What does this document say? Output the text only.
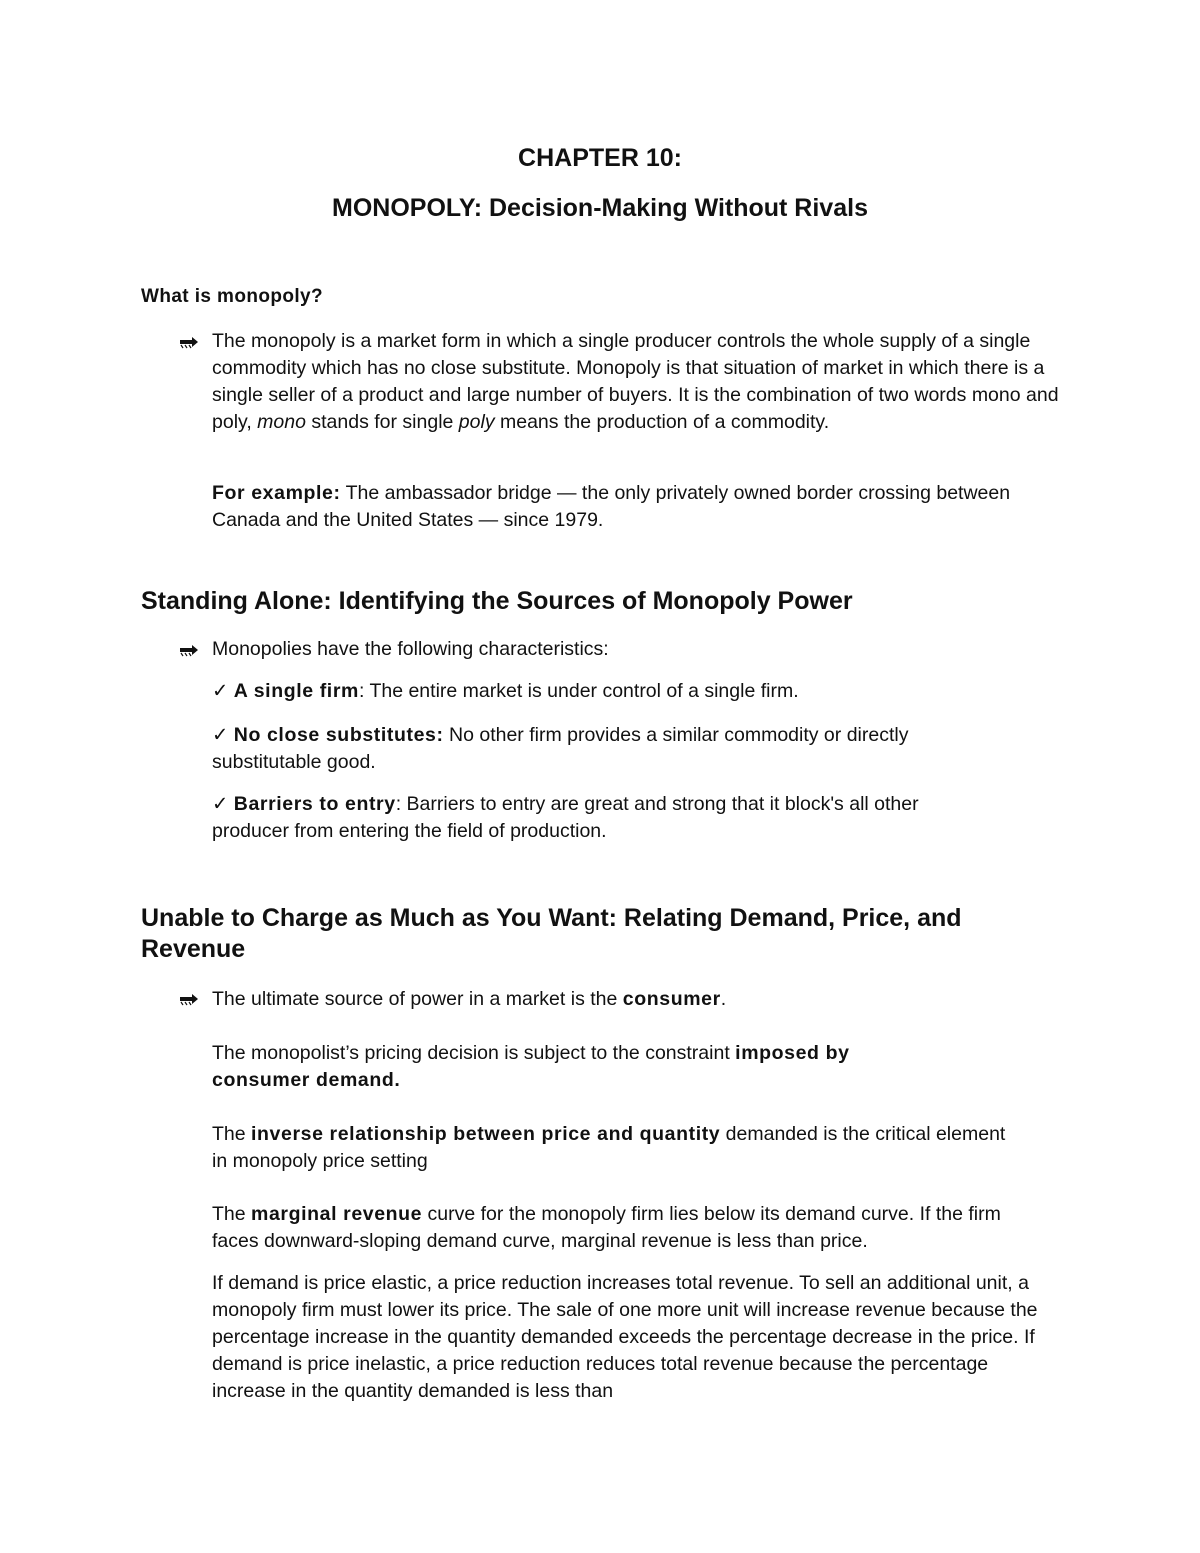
CHAPTER 10:
MONOPOLY: Decision-Making Without Rivals

What is monopoly?

The monopoly is a market form in which a single producer controls the whole supply of a single commodity which has no close substitute. Monopoly is that situation of market in which there is a single seller of a product and large number of buyers. It is the combination of two words mono and poly, mono stands for single poly means the production of a commodity.

For example: The ambassador bridge — the only privately owned border crossing between Canada and the United States — since 1979.

Standing Alone: Identifying the Sources of Monopoly Power

Monopolies have the following characteristics:

✓ A single firm: The entire market is under control of a single firm.

✓ No close substitutes: No other firm provides a similar commodity or directly substitutable good.

✓ Barriers to entry: Barriers to entry are great and strong that it block's all other producer from entering the field of production.

Unable to Charge as Much as You Want: Relating Demand, Price, and Revenue

The ultimate source of power in a market is the consumer.

The monopolist’s pricing decision is subject to the constraint imposed by consumer demand.

The inverse relationship between price and quantity demanded is the critical element in monopoly price setting

The marginal revenue curve for the monopoly firm lies below its demand curve. If the firm faces downward-sloping demand curve, marginal revenue is less than price.

If demand is price elastic, a price reduction increases total revenue. To sell an additional unit, a monopoly firm must lower its price. The sale of one more unit will increase revenue because the percentage increase in the quantity demanded exceeds the percentage decrease in the price. If demand is price inelastic, a price reduction reduces total revenue because the percentage increase in the quantity demanded is less than
